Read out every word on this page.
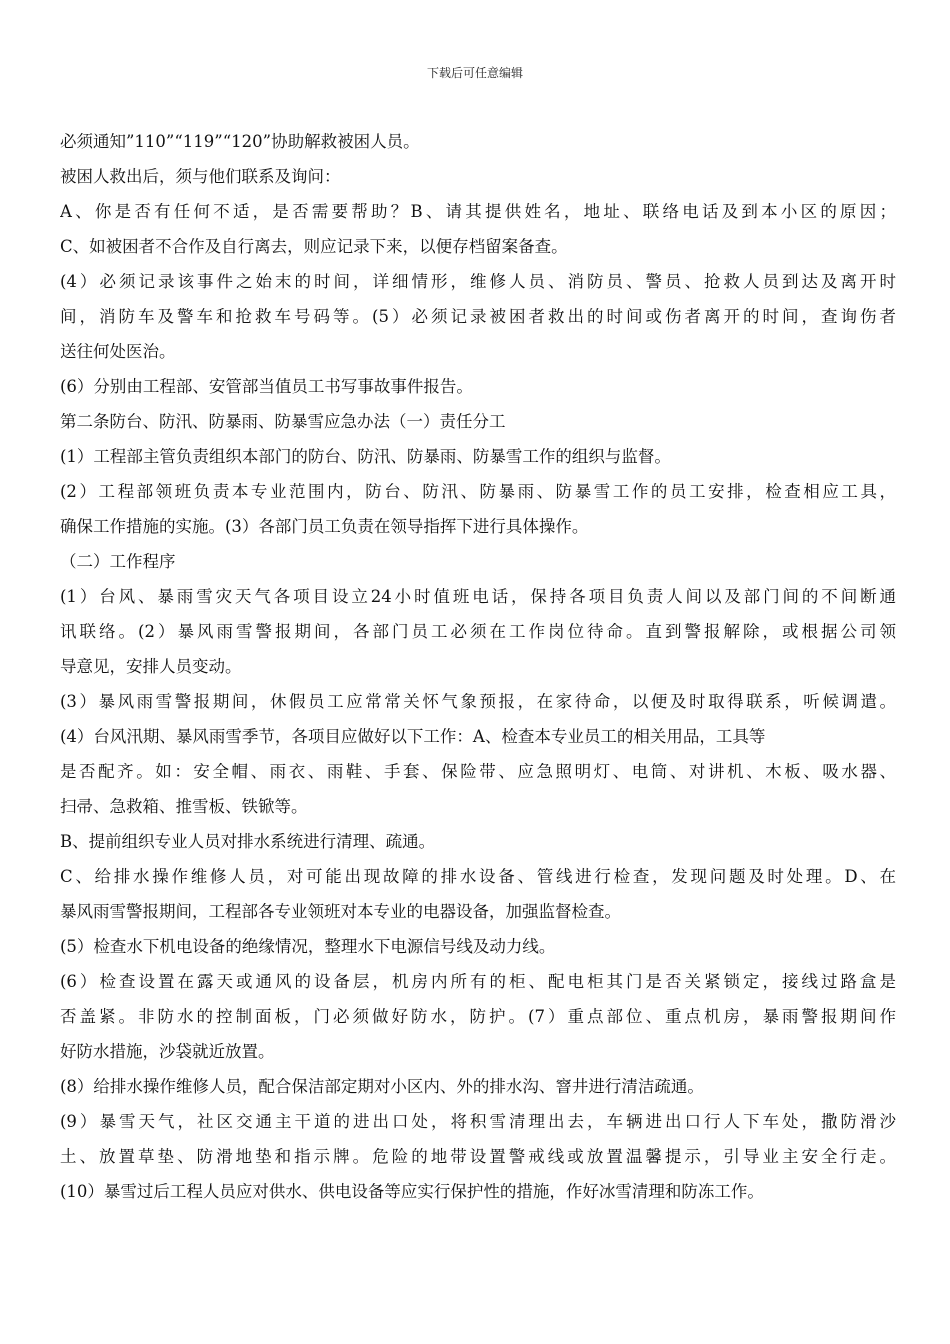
下载后可任意编辑
必须通知”110”“119”“120”协助解救被困人员。
被困人救出后，须与他们联系及询问：
A、你是否有任何不适，是否需要帮助？B、请其提供姓名，地址、联络电话及到本小区的原因；
C、如被困者不合作及自行离去，则应记录下来，以便存档留案备查。
(4）必须记录该事件之始末的时间，详细情形，维修人员、消防员、警员、抢救人员到达及离开时
间，消防车及警车和抢救车号码等。(5）必须记录被困者救出的时间或伤者离开的时间，查询伤者
送往何处医治。
(6）分别由工程部、安管部当值员工书写事故事件报告。
第二条防台、防汛、防暴雨、防暴雪应急办法（一）责任分工
(1）工程部主管负责组织本部门的防台、防汛、防暴雨、防暴雪工作的组织与监督。
(2）工程部领班负责本专业范围内，防台、防汛、防暴雨、防暴雪工作的员工安排，检查相应工具，
确保工作措施的实施。(3）各部门员工负责在领导指挥下进行具体操作。
（二）工作程序
(1）台风、暴雨雪灾天气各项目设立24小时值班电话，保持各项目负责人间以及部门间的不间断通
讯联络。(2）暴风雨雪警报期间，各部门员工必须在工作岗位待命。直到警报解除，或根据公司领
导意见，安排人员变动。
(3）暴风雨雪警报期间，休假员工应常常关怀气象预报，在家待命，以便及时取得联系，听候调遣。
(4）台风汛期、暴风雨雪季节，各项目应做好以下工作：A、检查本专业员工的相关用品，工具等
是否配齐。如：安全帽、雨衣、雨鞋、手套、保险带、应急照明灯、电筒、对讲机、木板、吸水器、
扫帚、急救箱、推雪板、铁锨等。
B、提前组织专业人员对排水系统进行清理、疏通。
C、给排水操作维修人员，对可能出现故障的排水设备、管线进行检查，发现问题及时处理。D、在
暴风雨雪警报期间，工程部各专业领班对本专业的电器设备，加强监督检查。
(5）检查水下机电设备的绝缘情况，整理水下电源信号线及动力线。
(6）检查设置在露天或通风的设备层，机房内所有的柜、配电柜其门是否关紧锁定，接线过路盒是
否盖紧。非防水的控制面板，门必须做好防水，防护。(7）重点部位、重点机房，暴雨警报期间作
好防水措施，沙袋就近放置。
(8）给排水操作维修人员，配合保洁部定期对小区内、外的排水沟、窨井进行清洁疏通。
(9）暴雪天气，社区交通主干道的进出口处，将积雪清理出去，车辆进出口行人下车处，撒防滑沙
土、放置草垫、防滑地垫和指示牌。危险的地带设置警戒线或放置温馨提示，引导业主安全行走。
(10）暴雪过后工程人员应对供水、供电设备等应实行保护性的措施，作好冰雪清理和防冻工作。
